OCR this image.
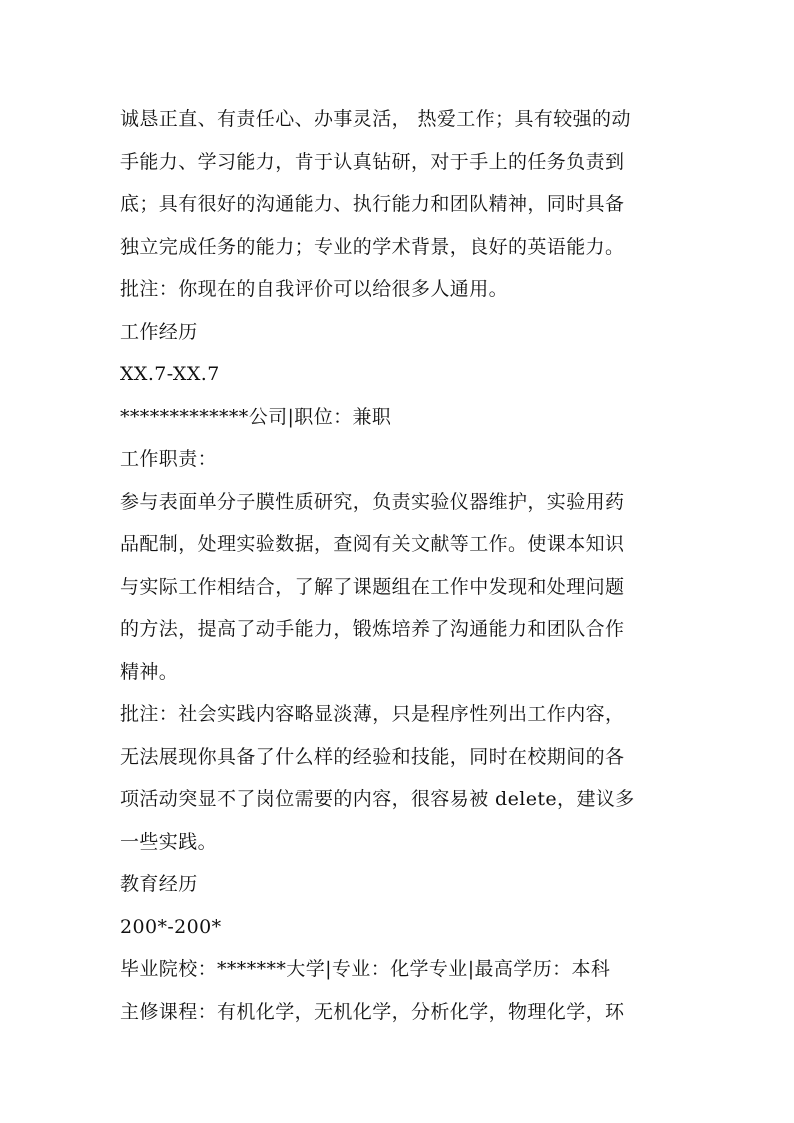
诚恳正直、有责任心、办事灵活， 热爱工作；具有较强的动
手能力、学习能力，肯于认真钻研，对于手上的任务负责到
底；具有很好的沟通能力、执行能力和团队精神，同时具备
独立完成任务的能力；专业的学术背景，良好的英语能力。
批注：你现在的自我评价可以给很多人通用。
工作经历
XX.7-XX.7
*************公司|职位：兼职
工作职责：
参与表面单分子膜性质研究，负责实验仪器维护，实验用药
品配制，处理实验数据，查阅有关文献等工作。使课本知识
与实际工作相结合，了解了课题组在工作中发现和处理问题
的方法，提高了动手能力，锻炼培养了沟通能力和团队合作
精神。
批注：社会实践内容略显淡薄，只是程序性列出工作内容，
无法展现你具备了什么样的经验和技能，同时在校期间的各
项活动突显不了岗位需要的内容，很容易被 delete，建议多
一些实践。
教育经历
200*-200*
毕业院校：*******大学|专业：化学专业|最高学历：本科
主修课程：有机化学，无机化学，分析化学，物理化学，环
